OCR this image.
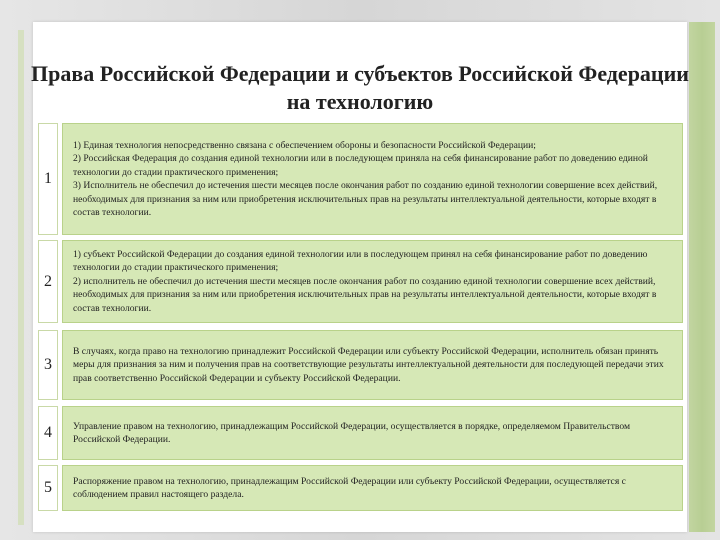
Права Российской Федерации и субъектов Российской Федерации на технологию
1
1) Единая технология непосредственно связана с обеспечением обороны и безопасности Российской Федерации;
2) Российская Федерация до создания единой технологии или в последующем приняла на себя финансирование работ по доведению единой технологии до стадии практического применения;
3) Исполнитель не обеспечил до истечения шести месяцев после окончания работ по созданию единой технологии совершение всех действий, необходимых для признания за ним или приобретения исключительных прав на результаты интеллектуальной деятельности, которые входят в состав технологии.
2
1) субъект Российской Федерации до создания единой технологии или в последующем принял на себя финансирование работ по доведению технологии до стадии практического применения;
2) исполнитель не обеспечил до истечения шести месяцев после окончания работ по созданию единой технологии совершение всех действий, необходимых для признания за ним или приобретения исключительных прав на результаты интеллектуальной деятельности, которые входят в состав технологии.
3
В случаях, когда право на технологию принадлежит Российской Федерации или субъекту Российской Федерации, исполнитель обязан принять меры для признания за ним и получения прав на соответствующие результаты интеллектуальной деятельности для последующей передачи этих прав соответственно Российской Федерации и субъекту Российской Федерации.
4	Управление правом на технологию, принадлежащим Российской Федерации, осуществляется в порядке, определяемом Правительством Российской Федерации.
5	Распоряжение правом на технологию, принадлежащим Российской Федерации или субъекту Российской Федерации, осуществляется с соблюдением правил настоящего раздела.
